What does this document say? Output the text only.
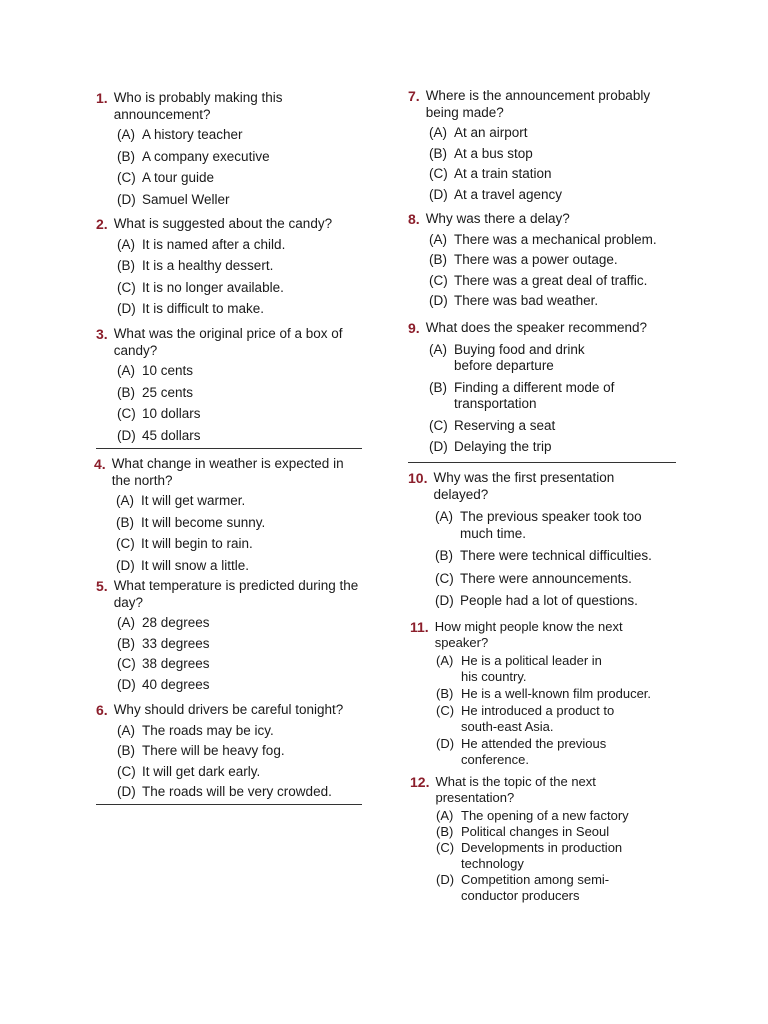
1. Who is probably making this announcement?
(A) A history teacher
(B) A company executive
(C) A tour guide
(D) Samuel Weller
2. What is suggested about the candy?
(A) It is named after a child.
(B) It is a healthy dessert.
(C) It is no longer available.
(D) It is difficult to make.
3. What was the original price of a box of candy?
(A) 10 cents
(B) 25 cents
(C) 10 dollars
(D) 45 dollars
4. What change in weather is expected in the north?
(A) It will get warmer.
(B) It will become sunny.
(C) It will begin to rain.
(D) It will snow a little.
5. What temperature is predicted during the day?
(A) 28 degrees
(B) 33 degrees
(C) 38 degrees
(D) 40 degrees
6. Why should drivers be careful tonight?
(A) The roads may be icy.
(B) There will be heavy fog.
(C) It will get dark early.
(D) The roads will be very crowded.
7. Where is the announcement probably being made?
(A) At an airport
(B) At a bus stop
(C) At a train station
(D) At a travel agency
8. Why was there a delay?
(A) There was a mechanical problem.
(B) There was a power outage.
(C) There was a great deal of traffic.
(D) There was bad weather.
9. What does the speaker recommend?
(A) Buying food and drink before departure
(B) Finding a different mode of transportation
(C) Reserving a seat
(D) Delaying the trip
10. Why was the first presentation delayed?
(A) The previous speaker took too much time.
(B) There were technical difficulties.
(C) There were announcements.
(D) People had a lot of questions.
11. How might people know the next speaker?
(A) He is a political leader in his country.
(B) He is a well-known film producer.
(C) He introduced a product to south-east Asia.
(D) He attended the previous conference.
12. What is the topic of the next presentation?
(A) The opening of a new factory
(B) Political changes in Seoul
(C) Developments in production technology
(D) Competition among semi-conductor producers
